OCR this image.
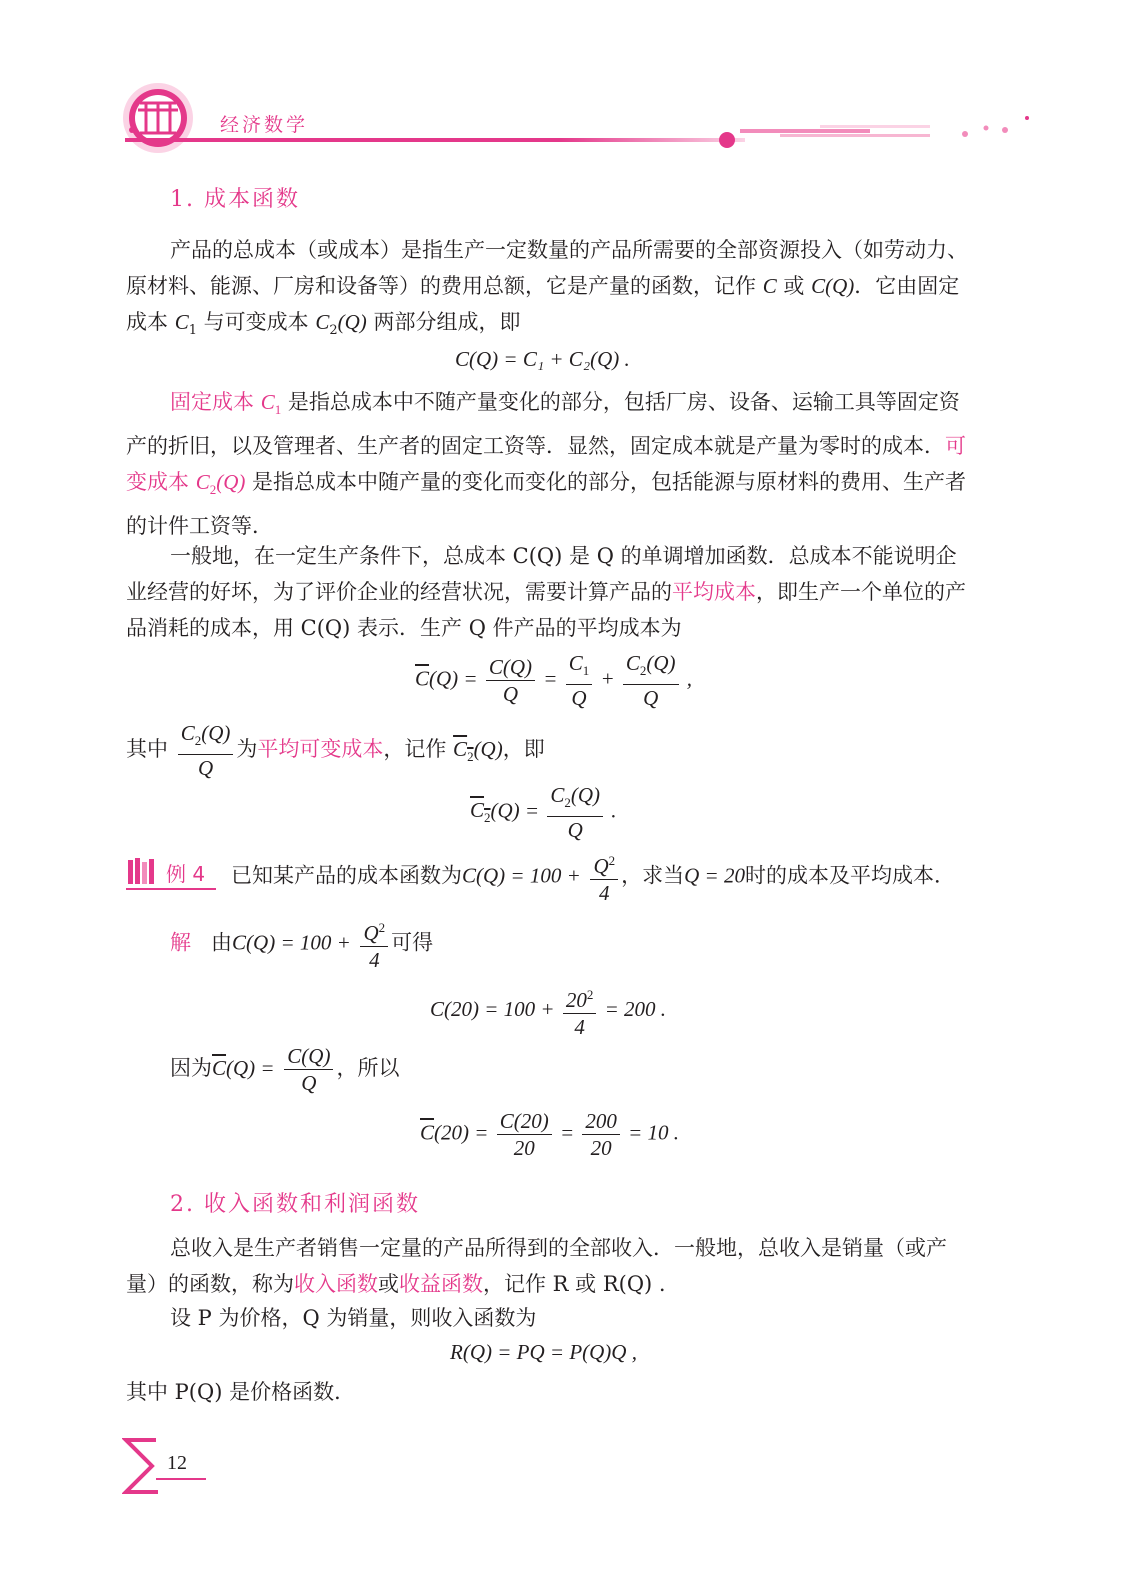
经济数学
1. 成本函数
产品的总成本（或成本）是指生产一定数量的产品所需要的全部资源投入（如劳动力、原材料、能源、厂房和设备等）的费用总额，它是产量的函数，记作 C 或 C(Q)．它由固定成本 $C_1$ 与可变成本 $C_2(Q)$ 两部分组成，即
C(Q) = C₁ + C₂(Q) .
固定成本 $C_1$ 是指总成本中不随产量变化的部分，包括厂房、设备、运输工具等固定资产的折旧，以及管理者、生产者的固定工资等．显然，固定成本就是产量为零时的成本．可变成本 $C_2(Q)$ 是指总成本中随产量的变化而变化的部分，包括能源与原材料的费用、生产者的计件工资等．
一般地，在一定生产条件下，总成本 C(Q) 是 Q 的单调增加函数．总成本不能说明企业经营的好坏，为了评价企业的经营状况，需要计算产品的平均成本，即生产一个单位的产品消耗的成本，用 C(Q) 表示．生产 Q 件产品的平均成本为
$\overline{C}(Q) = \frac{C(Q)}{Q} = \frac{C_1}{Q} + \frac{C_2(Q)}{Q}$ ,
其中 $\frac{C_2(Q)}{Q}$ 为平均可变成本，记作 $C_2(Q)$，即
$C_2(Q) = \frac{C_2(Q)}{Q}$ .
例 4 已知某产品的成本函数为$C(Q) = 100 + \frac{Q^2}{4}$ ，求当Q = 20时的成本及平均成本．
解 由$C(Q) = 100 + \frac{Q^2}{4}$ 可得
$C(20) = 100 + \frac{20^2}{4} = 200$ .
因为$\overline{C}(Q) = \frac{C(Q)}{Q}$ ，所以
$\overline{C}(20) = \frac{C(20)}{20} = \frac{200}{20} = 10$ .
2. 收入函数和利润函数
总收入是生产者销售一定量的产品所得到的全部收入．一般地，总收入是销量（或产量）的函数，称为收入函数或收益函数，记作 R 或 R(Q) .
设 P 为价格，Q 为销量，则收入函数为
R(Q) = PQ = P(Q)Q ,
其中 P(Q) 是价格函数．
12
